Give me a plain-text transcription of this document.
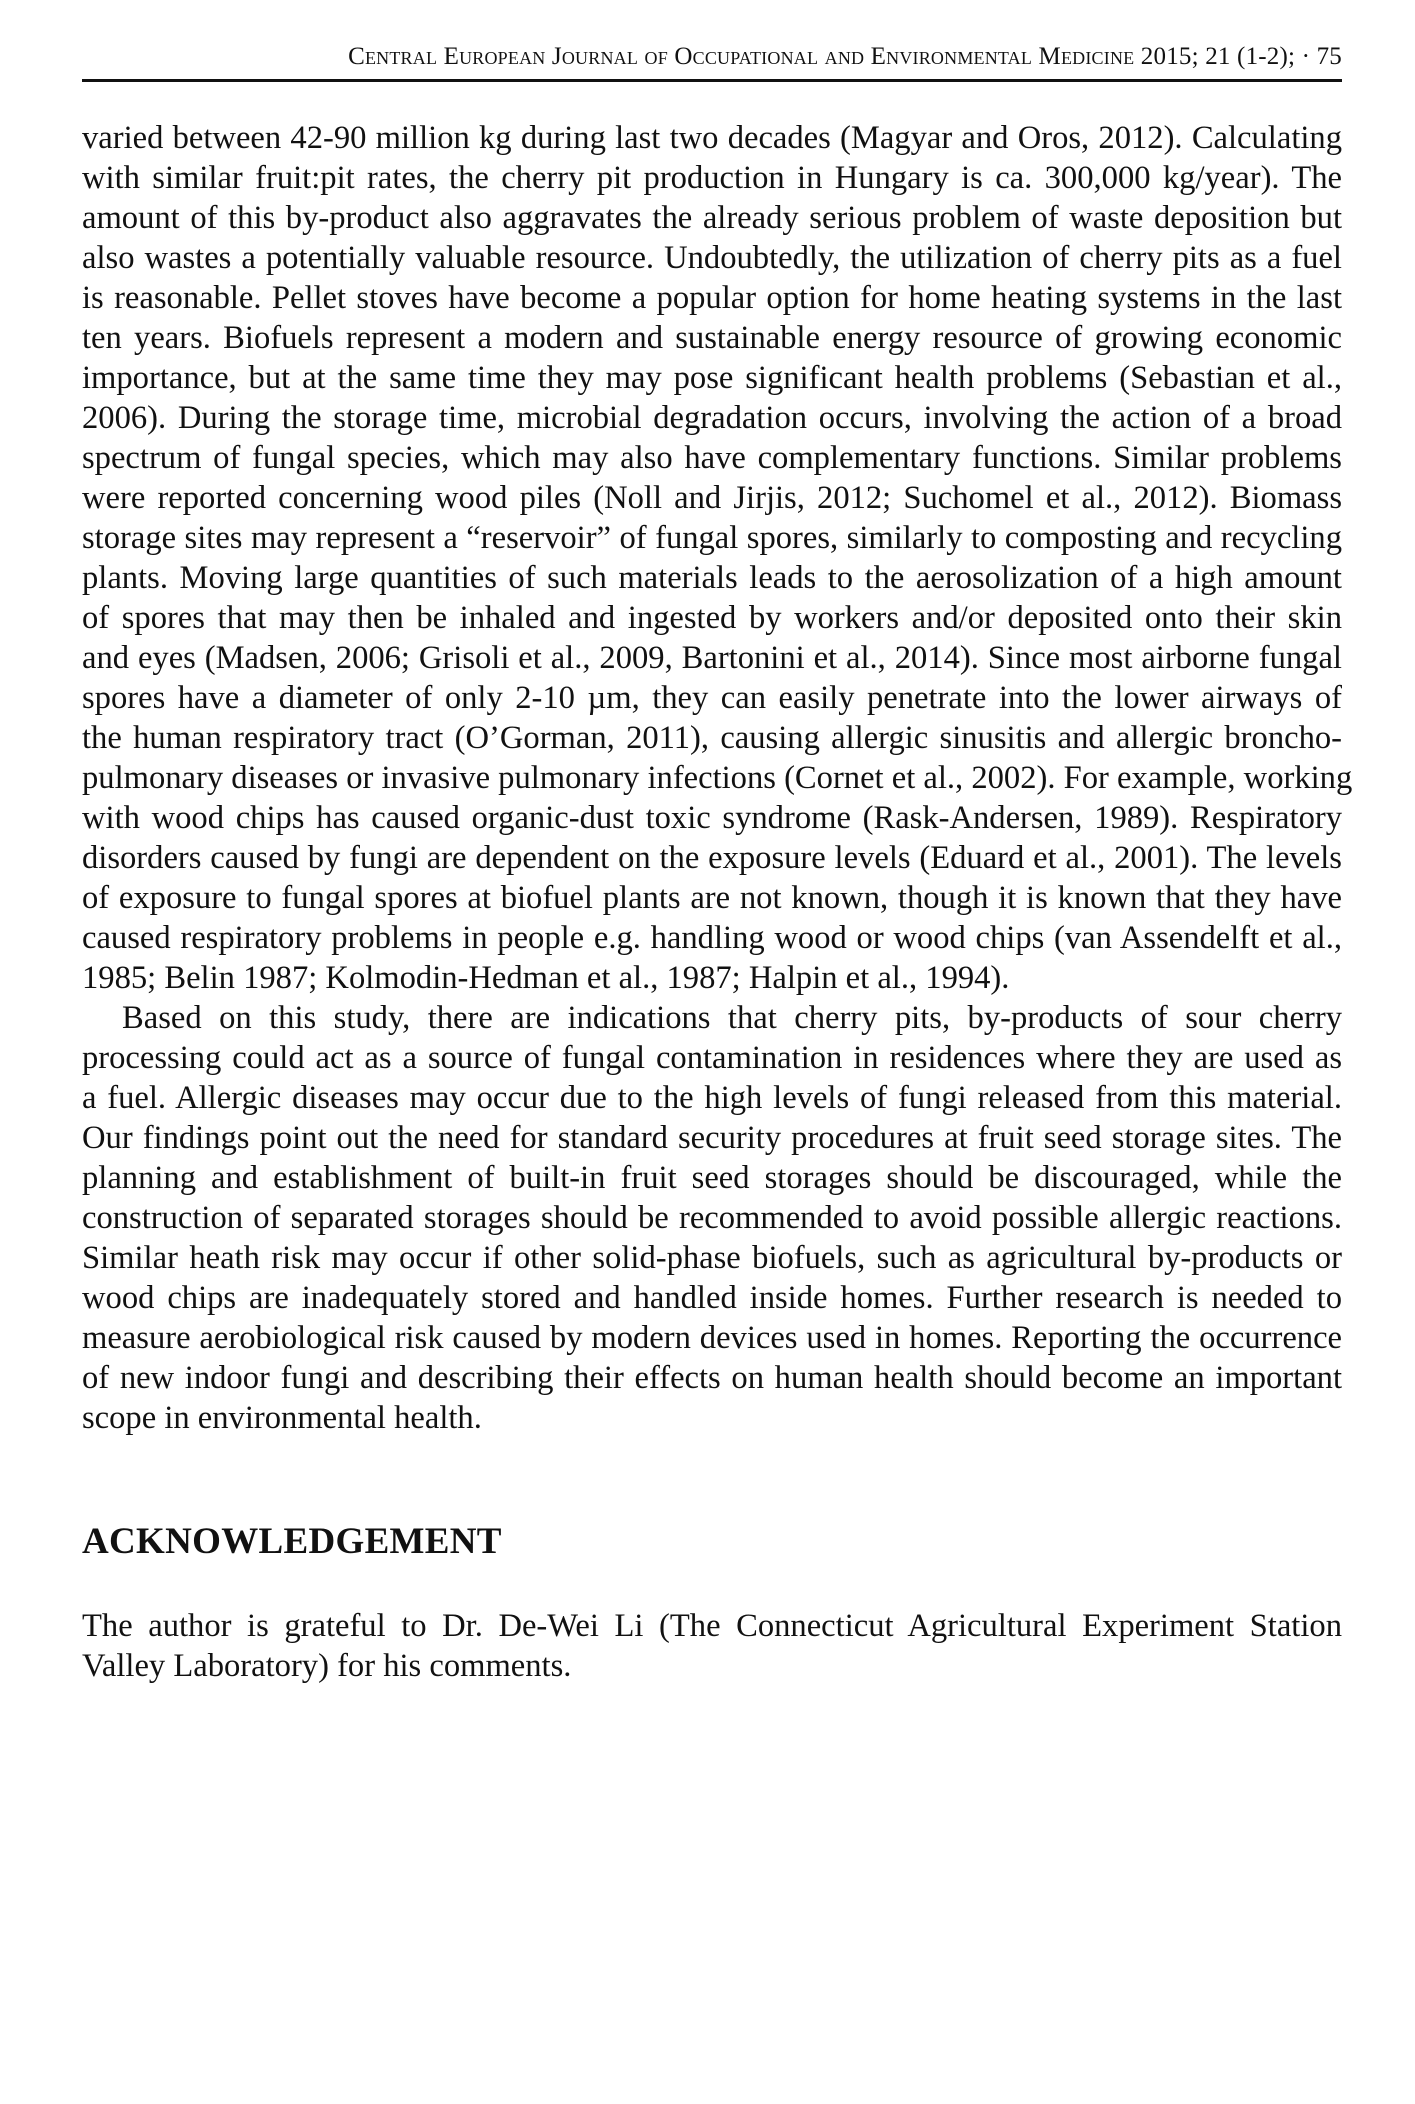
Central European Journal of Occupational and Environmental Medicine 2015; 21 (1-2); · 75
varied between 42-90 million kg during last two decades (Magyar and Oros, 2012). Calculating
with similar fruit:pit rates, the cherry pit production in Hungary is ca. 300,000 kg/year). The
amount of this by-product also aggravates the already serious problem of waste deposition but
also wastes a potentially valuable resource. Undoubtedly, the utilization of cherry pits as a fuel
is reasonable. Pellet stoves have become a popular option for home heating systems in the last
ten years. Biofuels represent a modern and sustainable energy resource of growing economic
importance, but at the same time they may pose significant health problems (Sebastian et al.,
2006). During the storage time, microbial degradation occurs, involving the action of a broad
spectrum of fungal species, which may also have complementary functions. Similar problems
were reported concerning wood piles (Noll and Jirjis, 2012; Suchomel et al., 2012). Biomass
storage sites may represent a “reservoir” of fungal spores, similarly to composting and recycling
plants. Moving large quantities of such materials leads to the aerosolization of a high amount
of spores that may then be inhaled and ingested by workers and/or deposited onto their skin
and eyes (Madsen, 2006; Grisoli et al., 2009, Bartonini et al., 2014). Since most airborne fungal
spores have a diameter of only 2-10 µm, they can easily penetrate into the lower airways of
the human respiratory tract (O’Gorman, 2011), causing allergic sinusitis and allergic broncho-
pulmonary diseases or invasive pulmonary infections (Cornet et al., 2002). For example, working
with wood chips has caused organic-dust toxic syndrome (Rask-Andersen, 1989). Respiratory
disorders caused by fungi are dependent on the exposure levels (Eduard et al., 2001). The levels
of exposure to fungal spores at biofuel plants are not known, though it is known that they have
caused respiratory problems in people e.g. handling wood or wood chips (van Assendelft et al.,
1985; Belin 1987; Kolmodin-Hedman et al., 1987; Halpin et al., 1994).
Based on this study, there are indications that cherry pits, by-products of sour cherry
processing could act as a source of fungal contamination in residences where they are used as
a fuel. Allergic diseases may occur due to the high levels of fungi released from this material.
Our findings point out the need for standard security procedures at fruit seed storage sites. The
planning and establishment of built-in fruit seed storages should be discouraged, while the
construction of separated storages should be recommended to avoid possible allergic reactions.
Similar heath risk may occur if other solid-phase biofuels, such as agricultural by-products or
wood chips are inadequately stored and handled inside homes. Further research is needed to
measure aerobiological risk caused by modern devices used in homes. Reporting the occurrence
of new indoor fungi and describing their effects on human health should become an important
scope in environmental health.
ACKNOWLEDGEMENT
The author is grateful to Dr. De-Wei Li (The Connecticut Agricultural Experiment Station
Valley Laboratory) for his comments.
